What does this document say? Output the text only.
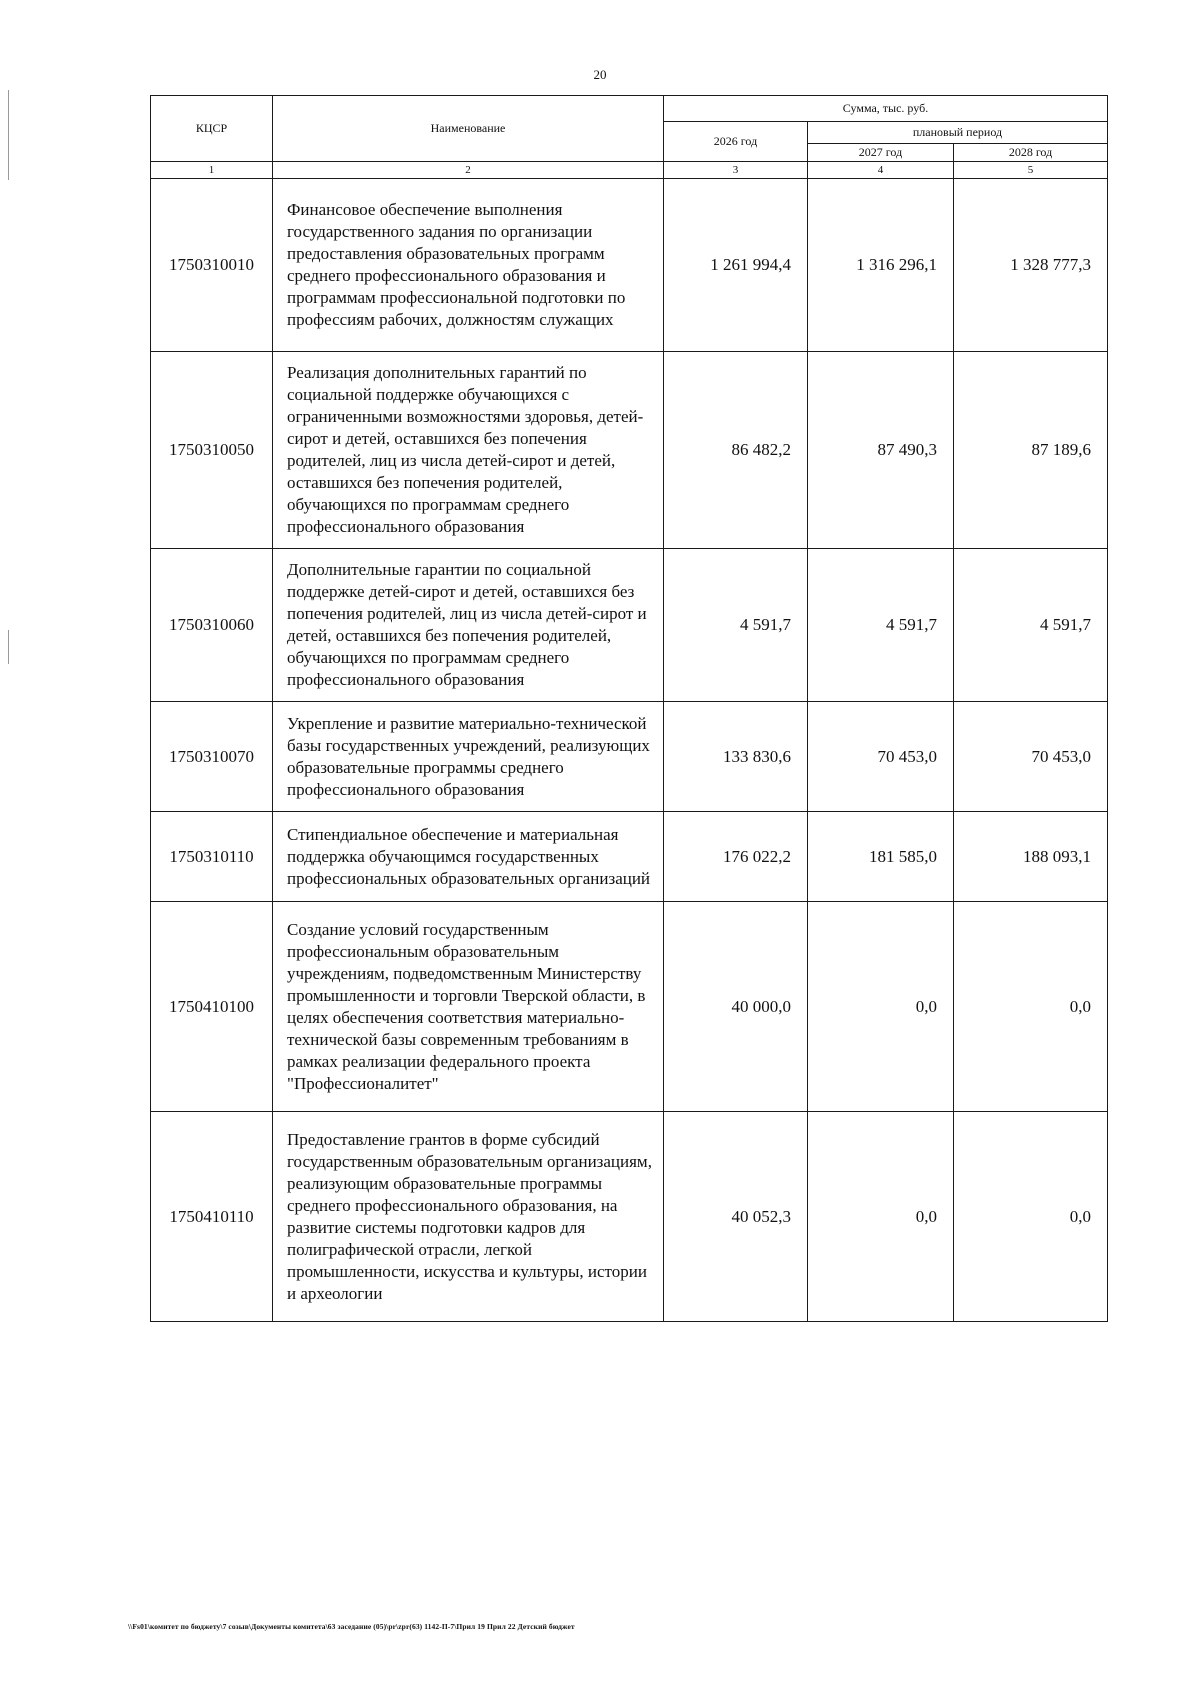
20
КЦСР	Наименование	Сумма, тыс. руб.		
		2026 год	плановый период	
			2027 год	2028 год
1	2	3	4	5
1750310010	Финансовое обеспечение выполнения государственного задания по организации предоставления образовательных программ среднего профессионального образования и программам профессиональной подготовки по профессиям рабочих, должностям служащих	1 261 994,4	1 316 296,1	1 328 777,3
1750310050	Реализация дополнительных гарантий по социальной поддержке обучающихся с ограниченными возможностями здоровья, детей-сирот и детей, оставшихся без попечения родителей, лиц из числа детей-сирот и детей, оставшихся без попечения родителей, обучающихся по программам среднего профессионального образования	86 482,2	87 490,3	87 189,6
1750310060	Дополнительные гарантии по социальной поддержке детей-сирот и детей, оставшихся без попечения родителей, лиц из числа детей-сирот и детей, оставшихся без попечения родителей, обучающихся по программам среднего профессионального образования	4 591,7	4 591,7	4 591,7
1750310070	Укрепление и развитие материально-технической базы государственных учреждений, реализующих образовательные программы среднего профессионального образования	133 830,6	70 453,0	70 453,0
1750310110	Стипендиальное обеспечение и материальная поддержка обучающимся государственных профессиональных образовательных организаций	176 022,2	181 585,0	188 093,1
1750410100	Создание условий государственным профессиональным образовательным учреждениям, подведомственным Министерству промышленности и торговли Тверской области, в целях обеспечения соответствия материально-технической базы современным требованиям в рамках реализации федерального проекта "Профессионалитет"	40 000,0	0,0	0,0
1750410110	Предоставление грантов в форме субсидий государственным образовательным организациям, реализующим образовательные программы среднего профессионального образования, на развитие системы подготовки кадров для полиграфической отрасли, легкой промышленности, искусства и культуры, истории и археологии	40 052,3	0,0	0,0
\\Fs01\комитет по бюджету\7 созыв\Документы комитета\63 заседание (05)\pr\zpr(63) 1142-П-7\Прил 19 Прил 22 Детский бюджет
